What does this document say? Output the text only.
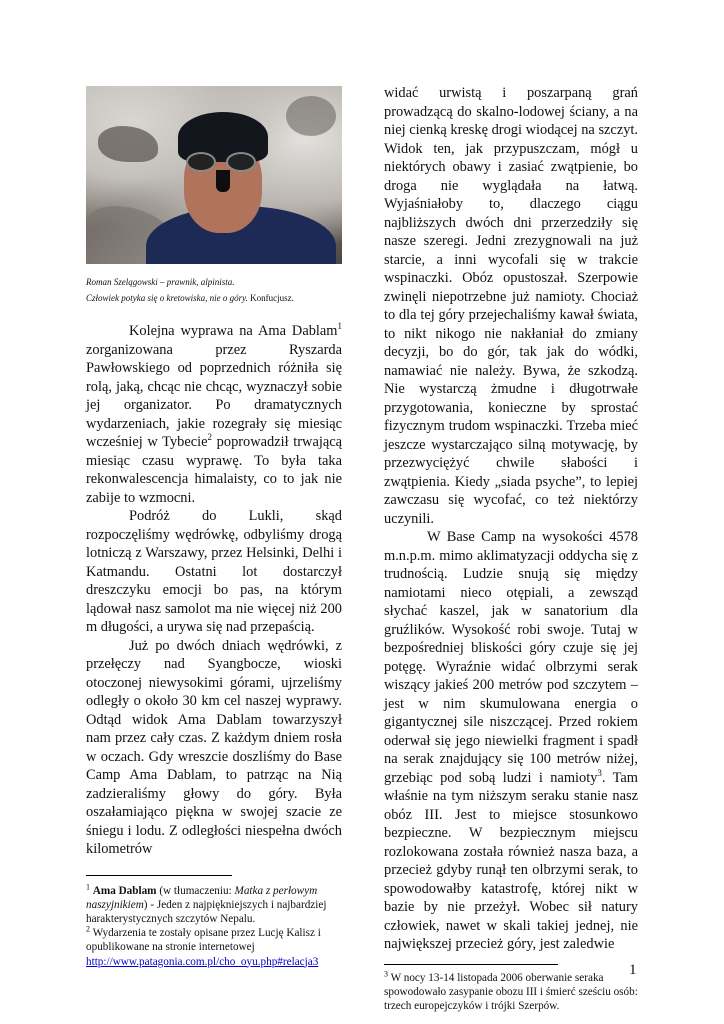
Roman Szelągowski – prawnik, alpinista.
Człowiek potyka się o kretowiska, nie o góry. Konfucjusz.

Kolejna wyprawa na Ama Dablam$^1$ zorganizowana przez Ryszarda Pawłowskiego od poprzednich różniła się rolą, jaką, chcąc nie chcąc, wyznaczył sobie jej organizator. Po dramatycznych wydarzeniach, jakie rozegrały się miesiąc wcześniej w Tybecie$^2$ poprowadził trwającą miesiąc czasu wyprawę. To była taka rekonwalescencja himalaisty, co to jak nie zabije to wzmocni.

Podróż do Lukli, skąd rozpoczęliśmy wędrówkę, odbyliśmy drogą lotniczą z Warszawy, przez Helsinki, Delhi i Katmandu. Ostatni lot dostarczył dreszczyku emocji bo pas, na którym lądował nasz samolot ma nie więcej niż 200 m długości, a urywa się nad przepaścią.

Już po dwóch dniach wędrówki, z przełęczy nad Syangbocze, wioski otoczonej niewysokimi górami, ujrzeliśmy odległy o około 30 km cel naszej wyprawy. Odtąd widok Ama Dablam towarzyszył nam przez cały czas. Z każdym dniem rosła w oczach. Gdy wreszcie doszliśmy do Base Camp Ama Dablam, to patrząc na Nią zadzieraliśmy głowy do góry. Była oszałamiająco piękna w swojej szacie ze śniegu i lodu. Z odległości niespełna dwóch kilometrów

$^1$ Ama Dablam (w tłumaczeniu: Matka z perłowym naszyjnikiem) - Jeden z najpiękniejszych i najbardziej harakterystycznych szczytów Nepalu.
$^2$ Wydarzenia te zostały opisane przez Lucję Kalisz i opublikowane na stronie internetowej
http://www.patagonia.com.pl/cho_oyu.php#relacja3

widać urwistą i poszarpaną grań prowadzącą do skalno-lodowej ściany, a na niej cienką kreskę drogi wiodącej na szczyt. Widok ten, jak przypuszczam, mógł u niektórych obawy i zasiać zwątpienie, bo droga nie wyglądała na łatwą. Wyjaśniałoby to, dlaczego ciągu najbliższych dwóch dni przerzedziły się nasze szeregi. Jedni zrezygnowali na już starcie, a inni wycofali się w trakcie wspinaczki. Obóz opustoszał. Szerpowie zwinęli niepotrzebne już namioty. Chociaż to dla tej góry przejechaliśmy kawał świata, to nikt nikogo nie nakłaniał do zmiany decyzji, bo do gór, tak jak do wódki, namawiać nie należy. Bywa, że szkodzą. Nie wystarczą żmudne i długotrwałe przygotowania, konieczne by sprostać fizycznym trudom wspinaczki. Trzeba mieć jeszcze wystarczająco silną motywację, by przezwyciężyć chwile słabości i zwątpienia. Kiedy „siada psyche”, to lepiej zawczasu się wycofać, co też niektórzy uczynili.

W Base Camp na wysokości 4578 m.n.p.m. mimo aklimatyzacji oddycha się z trudnością. Ludzie snują się między namiotami nieco otępiali, a zewsząd słychać kaszel, jak w sanatorium dla gruźlików. Wysokość robi swoje. Tutaj w bezpośredniej bliskości góry czuje się jej potęgę. Wyraźnie widać olbrzymi serak wiszący jakieś 200 metrów pod szczytem – jest w nim skumulowana energia o gigantycznej sile niszczącej. Przed rokiem oderwał się jego niewielki fragment i spadł na serak znajdujący się 100 metrów niżej, grzebiąc pod sobą ludzi i namioty$^3$. Tam właśnie na tym niższym seraku stanie nasz obóz III. Jest to miejsce stosunkowo bezpieczne. W bezpiecznym miejscu rozlokowana została również nasza baza, a przecież gdyby runął ten olbrzymi serak, to spowodowałby katastrofę, której nikt w bazie by nie przeżył. Wobec sił natury człowiek, nawet w skali takiej jednej, nie największej przecież góry, jest zaledwie

$^3$ W nocy 13-14 listopada 2006 oberwanie seraka spowodowało zasypanie obozu III i śmierć sześciu osób: trzech europejczyków i trójki Szerpów.
1
